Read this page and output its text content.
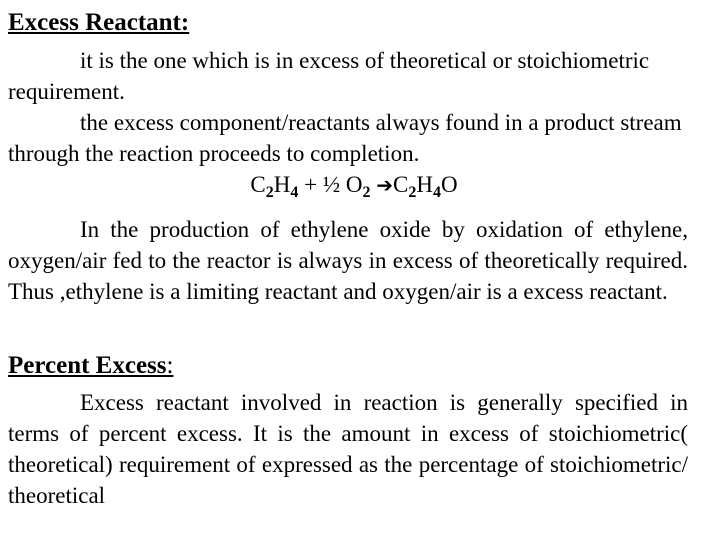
Excess Reactant:

it is the one which is in excess of theoretical or stoichiometric requirement.

the excess component/reactants always found in a product stream through the reaction proceeds to completion.

$C_2H_4$ + ½ $O_2$ $➔C_2H_4O$

In the production of ethylene oxide by oxidation of ethylene, oxygen/air fed to the reactor is always in excess of theoretically required. Thus ,ethylene is a limiting reactant and oxygen/air is a excess reactant.

Percent Excess:

Excess reactant involved in reaction is generally specified in terms of percent excess. It is the amount in excess of stoichiometric( theoretical) requirement of expressed as the percentage of stoichiometric/ theoretical
